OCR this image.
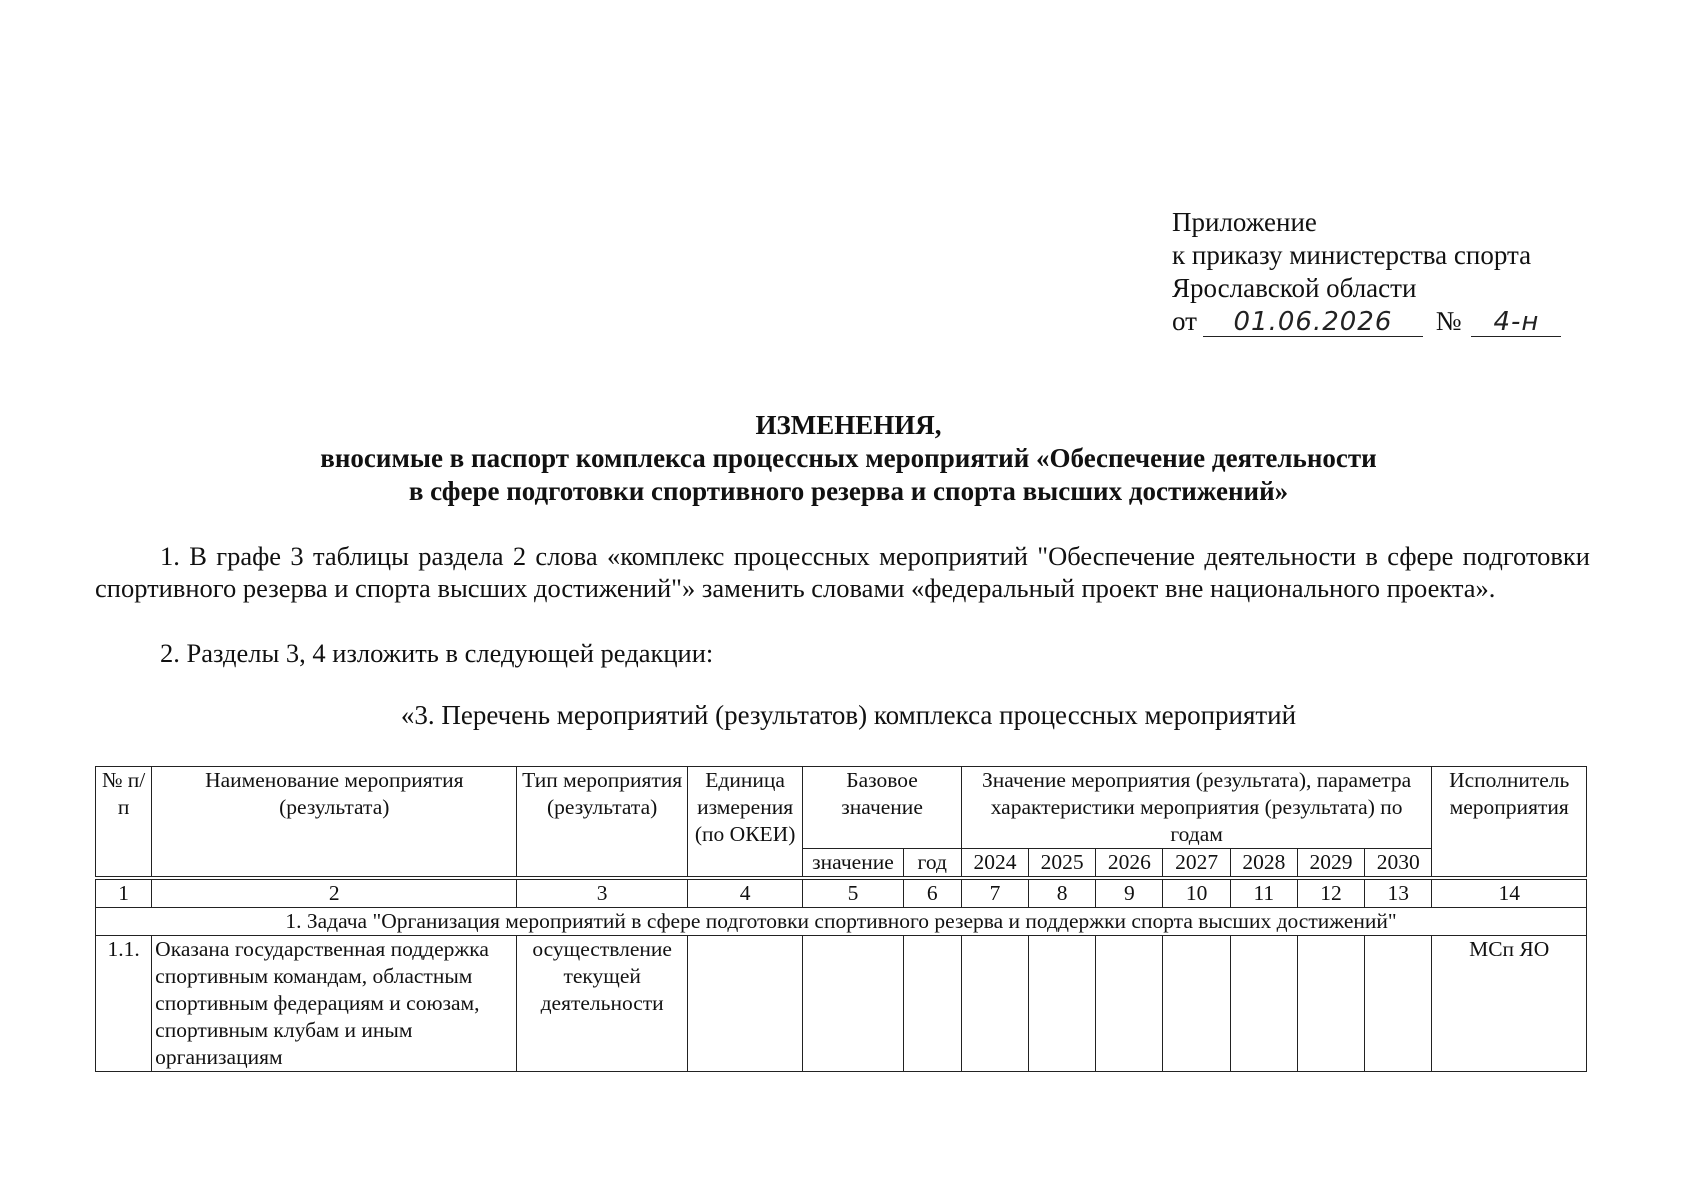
Приложение
к приказу министерства спорта
Ярославской области
от 01.06.2026 № 4-н
ИЗМЕНЕНИЯ,
вносимые в паспорт комплекса процессных мероприятий «Обеспечение деятельности
в сфере подготовки спортивного резерва и спорта высших достижений»
1. В графе 3 таблицы раздела 2 слова «комплекс процессных мероприятий "Обеспечение деятельности в сфере подготовки спортивного резерва и спорта высших достижений"» заменить словами «федеральный проект вне национального проекта».
2. Разделы 3, 4 изложить в следующей редакции:
«3. Перечень мероприятий (результатов) комплекса процессных мероприятий
№ п/п	Наименование мероприятия (результата)	Тип мероприятия (результата)	Единица измерения (по ОКЕИ)	Базовое значение		Значение мероприятия (результата), параметра характеристики мероприятия (результата) по годам							Исполнитель мероприятия
				значение	год	2024	2025	2026	2027	2028	2029	2030	
1	2	3	4	5	6	7	8	9	10	11	12	13	14
1. Задача "Организация мероприятий в сфере подготовки спортивного резерва и поддержки спорта высших достижений"													
1.1.	Оказана государственная поддержка спортивным командам, областным спортивным федерациям и союзам, спортивным клубам и иным организациям	осуществление текущей деятельности											МСп ЯО
